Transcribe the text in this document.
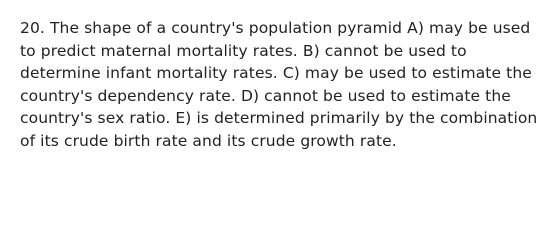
20. The shape of a country's population pyramid A) may be used to predict maternal mortality rates. B) cannot be used to determine infant mortality rates. C) may be used to estimate the country's dependency rate. D) cannot be used to estimate the country's sex ratio. E) is determined primarily by the combination of its crude birth rate and its crude growth rate.
